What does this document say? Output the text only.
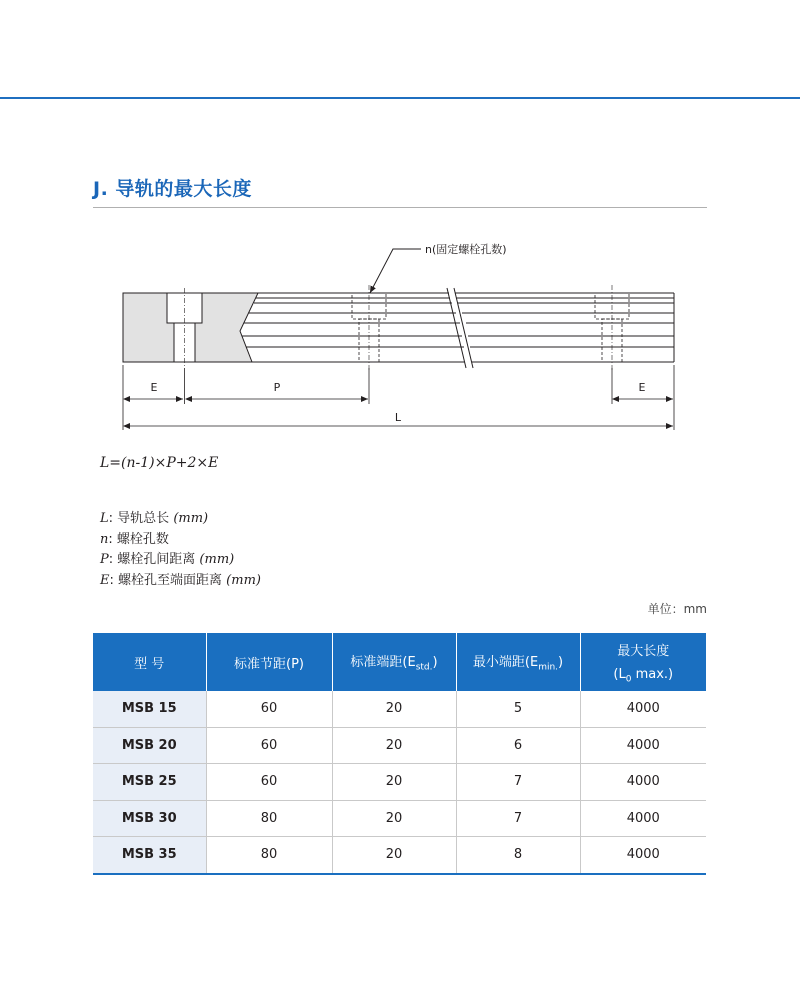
J. 导轨的最大长度
n(固定螺栓孔数)
E	P	E
L
L=(n-1)×P+2×E
L: 导轨总长 (mm)
n: 螺栓孔数
P: 螺栓孔间距离 (mm)
E: 螺栓孔至端面距离 (mm)
单位：mm
型 号	标准节距(P)	标准端距$(E_{std.})$	最小端距$(E_{min.})$	最大长度
($L_0$ max.)

MSB 15	60	20	5	4000
MSB 20	60	20	6	4000
MSB 25	60	20	7	4000
MSB 30	80	20	7	4000
MSB 35	80	20	8	4000
